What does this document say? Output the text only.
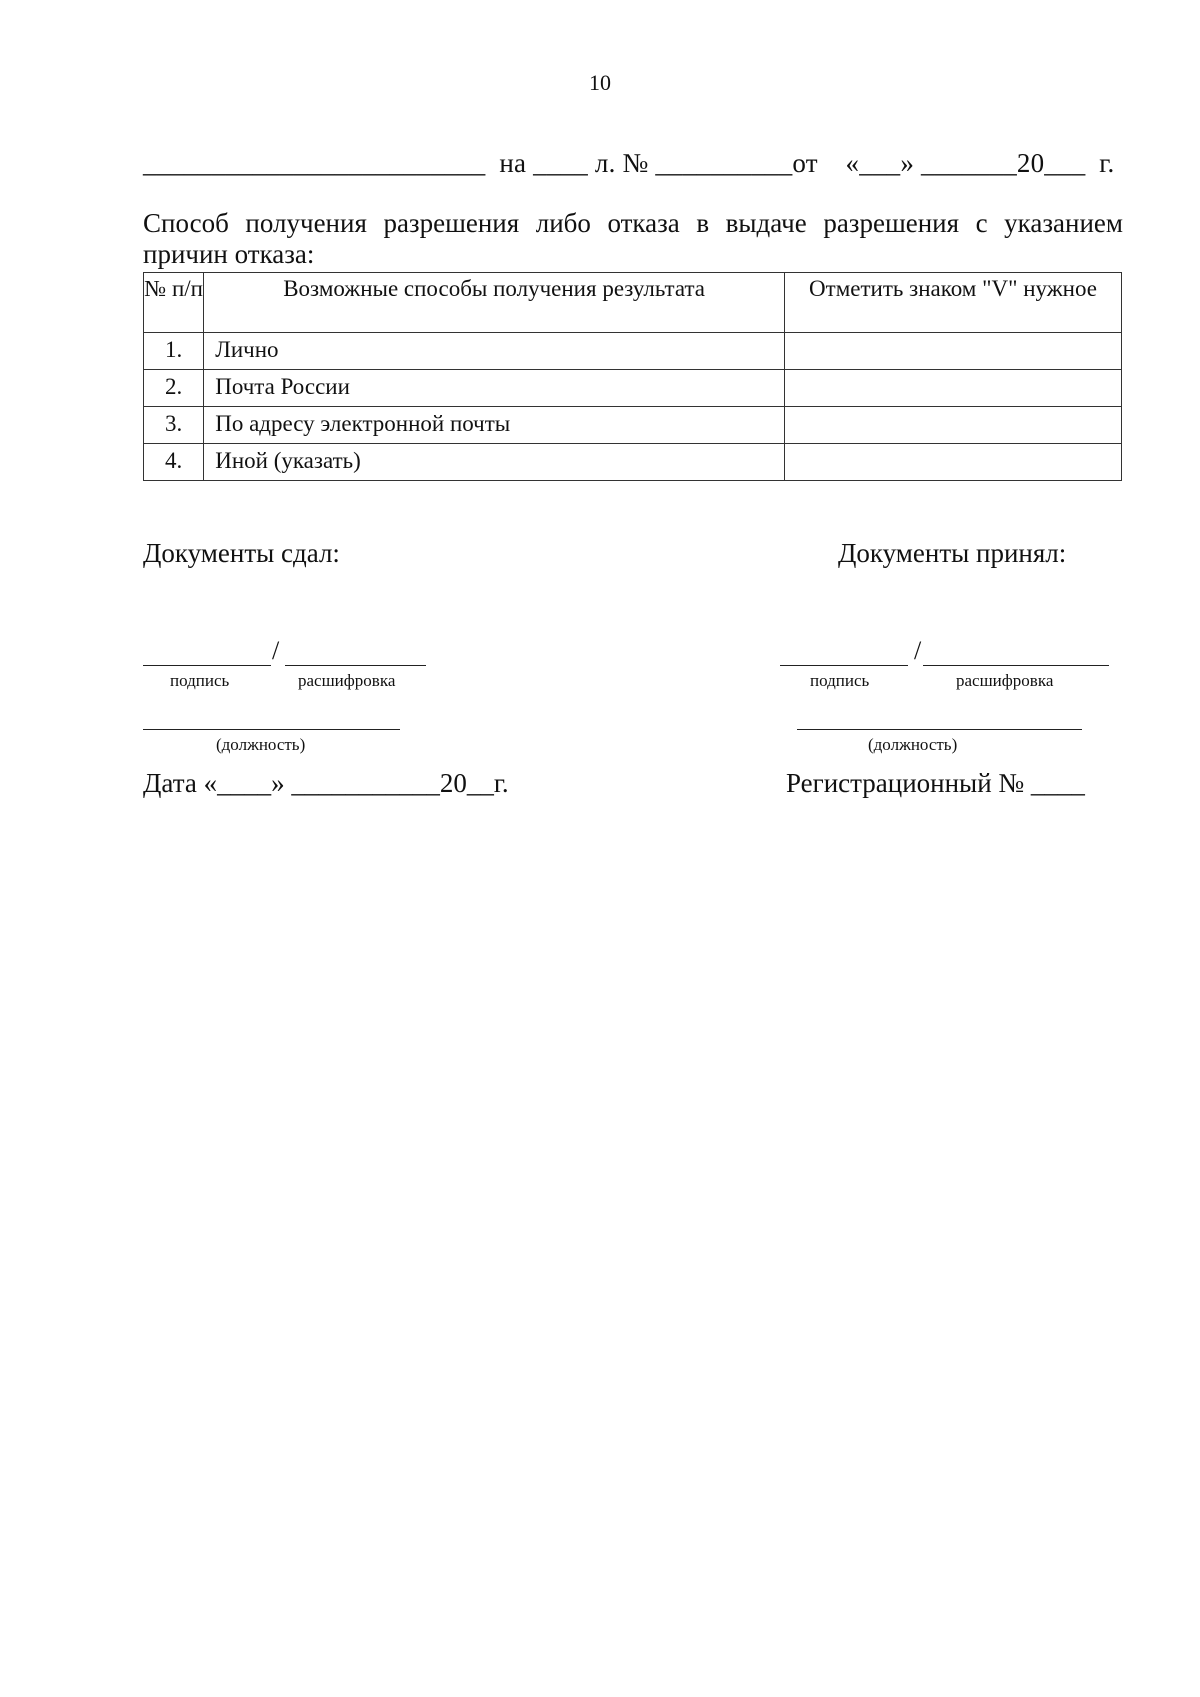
10
_________________________  на ____ л. № __________от    «___» _______20___  г.
Способ получения разрешения либо отказа в выдаче разрешения с указанием причин отказа:
№ п/п	Возможные способы получения результата	Отметить знаком "V" нужное
1.	Лично	
2.	Почта России	
3.	По адресу электронной почты	
4.	Иной (указать)	
Документы сдал:	Документы принял:
/
подпись	расшифровка
(должность)
/
подпись	расшифровка
(должность)
Дата «____» ___________20__г.	Регистрационный № ____
